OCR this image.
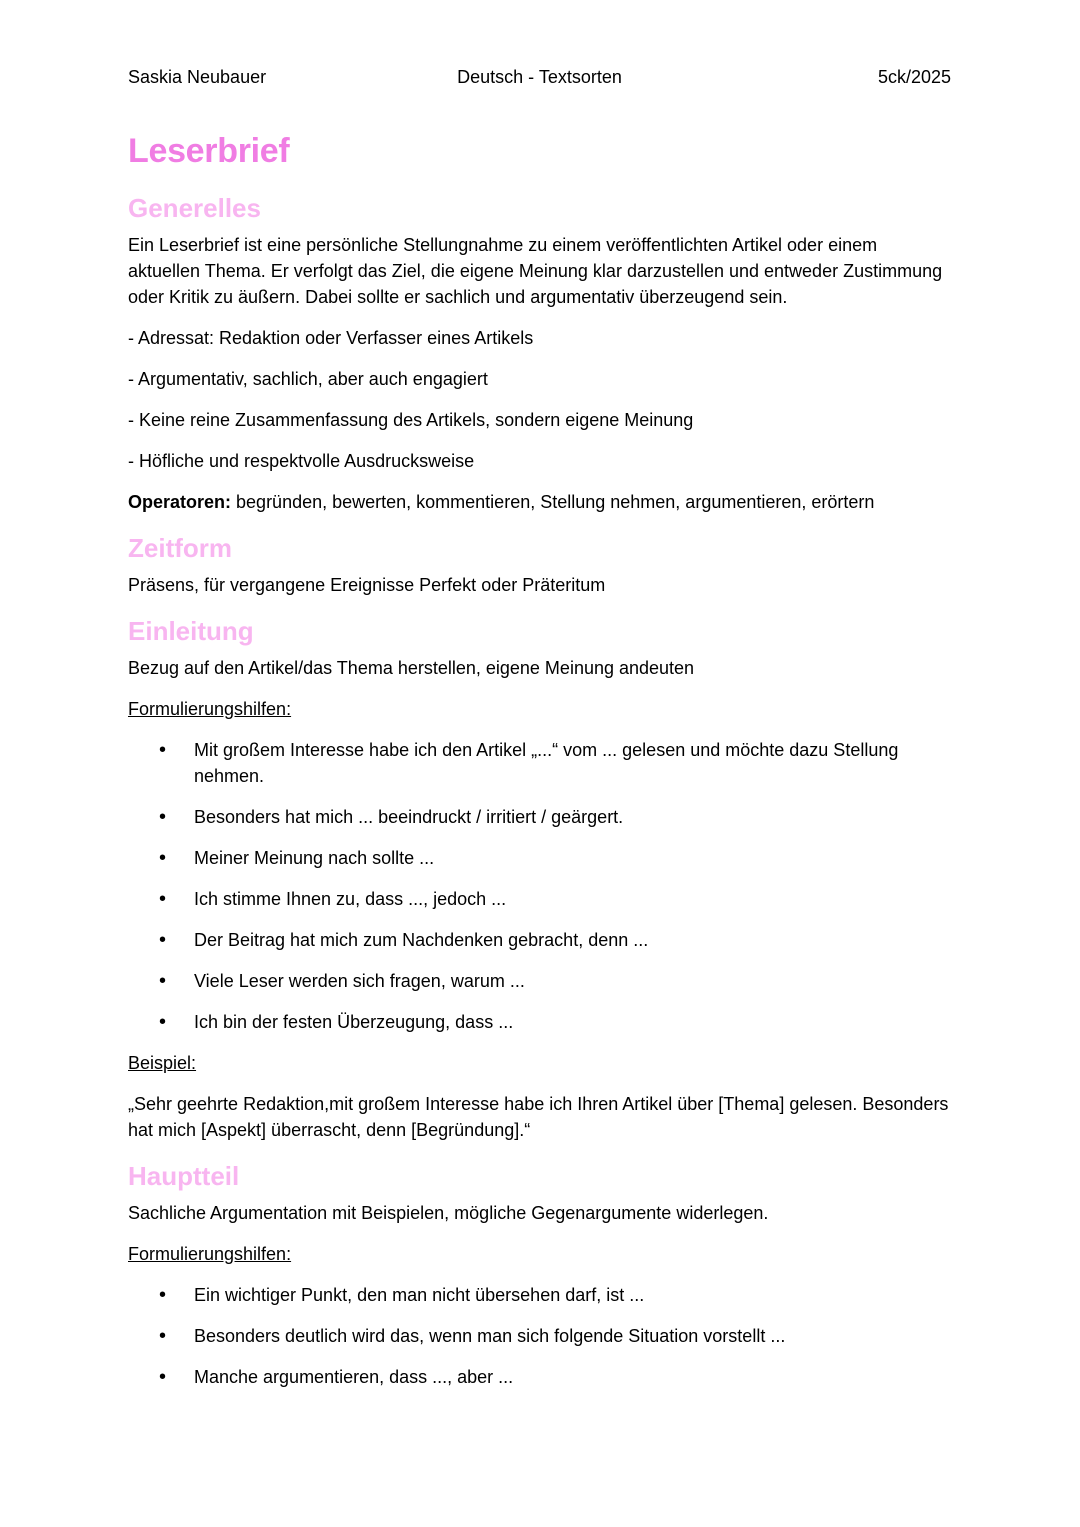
Saskia Neubauer	Deutsch - Textsorten	5ck/2025
Leserbrief
Generelles

Ein Leserbrief ist eine persönliche Stellungnahme zu einem veröffentlichten Artikel oder einem aktuellen Thema. Er verfolgt das Ziel, die eigene Meinung klar darzustellen und entweder Zustimmung oder Kritik zu äußern. Dabei sollte er sachlich und argumentativ überzeugend sein.

- Adressat: Redaktion oder Verfasser eines Artikels

- Argumentativ, sachlich, aber auch engagiert

- Keine reine Zusammenfassung des Artikels, sondern eigene Meinung

- Höfliche und respektvolle Ausdrucksweise

Operatoren: begründen, bewerten, kommentieren, Stellung nehmen, argumentieren, erörtern

Zeitform

Präsens, für vergangene Ereignisse Perfekt oder Präteritum

Einleitung

Bezug auf den Artikel/das Thema herstellen, eigene Meinung andeuten

Formulierungshilfen:

• Mit großem Interesse habe ich den Artikel „...“ vom ... gelesen und möchte dazu Stellung nehmen.
• Besonders hat mich ... beeindruckt / irritiert / geärgert.
• Meiner Meinung nach sollte ...
• Ich stimme Ihnen zu, dass ..., jedoch ...
• Der Beitrag hat mich zum Nachdenken gebracht, denn ...
• Viele Leser werden sich fragen, warum ...
• Ich bin der festen Überzeugung, dass ...

Beispiel:

„Sehr geehrte Redaktion,mit großem Interesse habe ich Ihren Artikel über [Thema] gelesen. Besonders hat mich [Aspekt] überrascht, denn [Begründung].“

Hauptteil

Sachliche Argumentation mit Beispielen, mögliche Gegenargumente widerlegen.

Formulierungshilfen:

• Ein wichtiger Punkt, den man nicht übersehen darf, ist ...
• Besonders deutlich wird das, wenn man sich folgende Situation vorstellt ...
• Manche argumentieren, dass ..., aber ...
